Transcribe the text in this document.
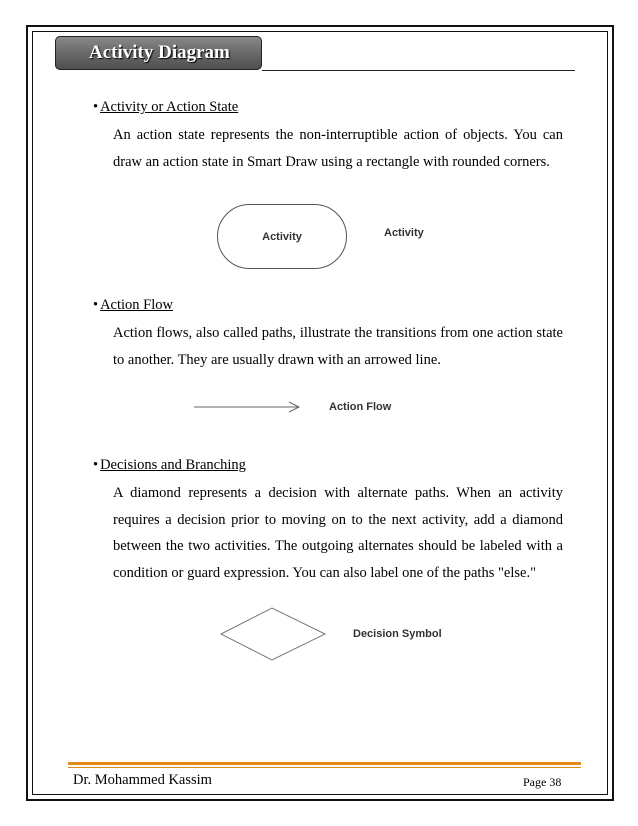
Activity Diagram
• Activity or Action State

An action state represents the non-interruptible action of objects. You can

draw an action state in Smart Draw using a rectangle with rounded corners.

Activity	Activity
• Action Flow

Action flows, also called paths, illustrate the transitions from one action state

to another. They are usually drawn with an arrowed line.

Action Flow
• Decisions and Branching

A diamond represents a decision with alternate paths. When an activity

requires a decision prior to moving on to the next activity, add a diamond

between the two activities. The outgoing alternates should be labeled with a

condition or guard expression. You can also label one of the paths "else."

Decision Symbol
Dr. Mohammed Kassim	Page 38
